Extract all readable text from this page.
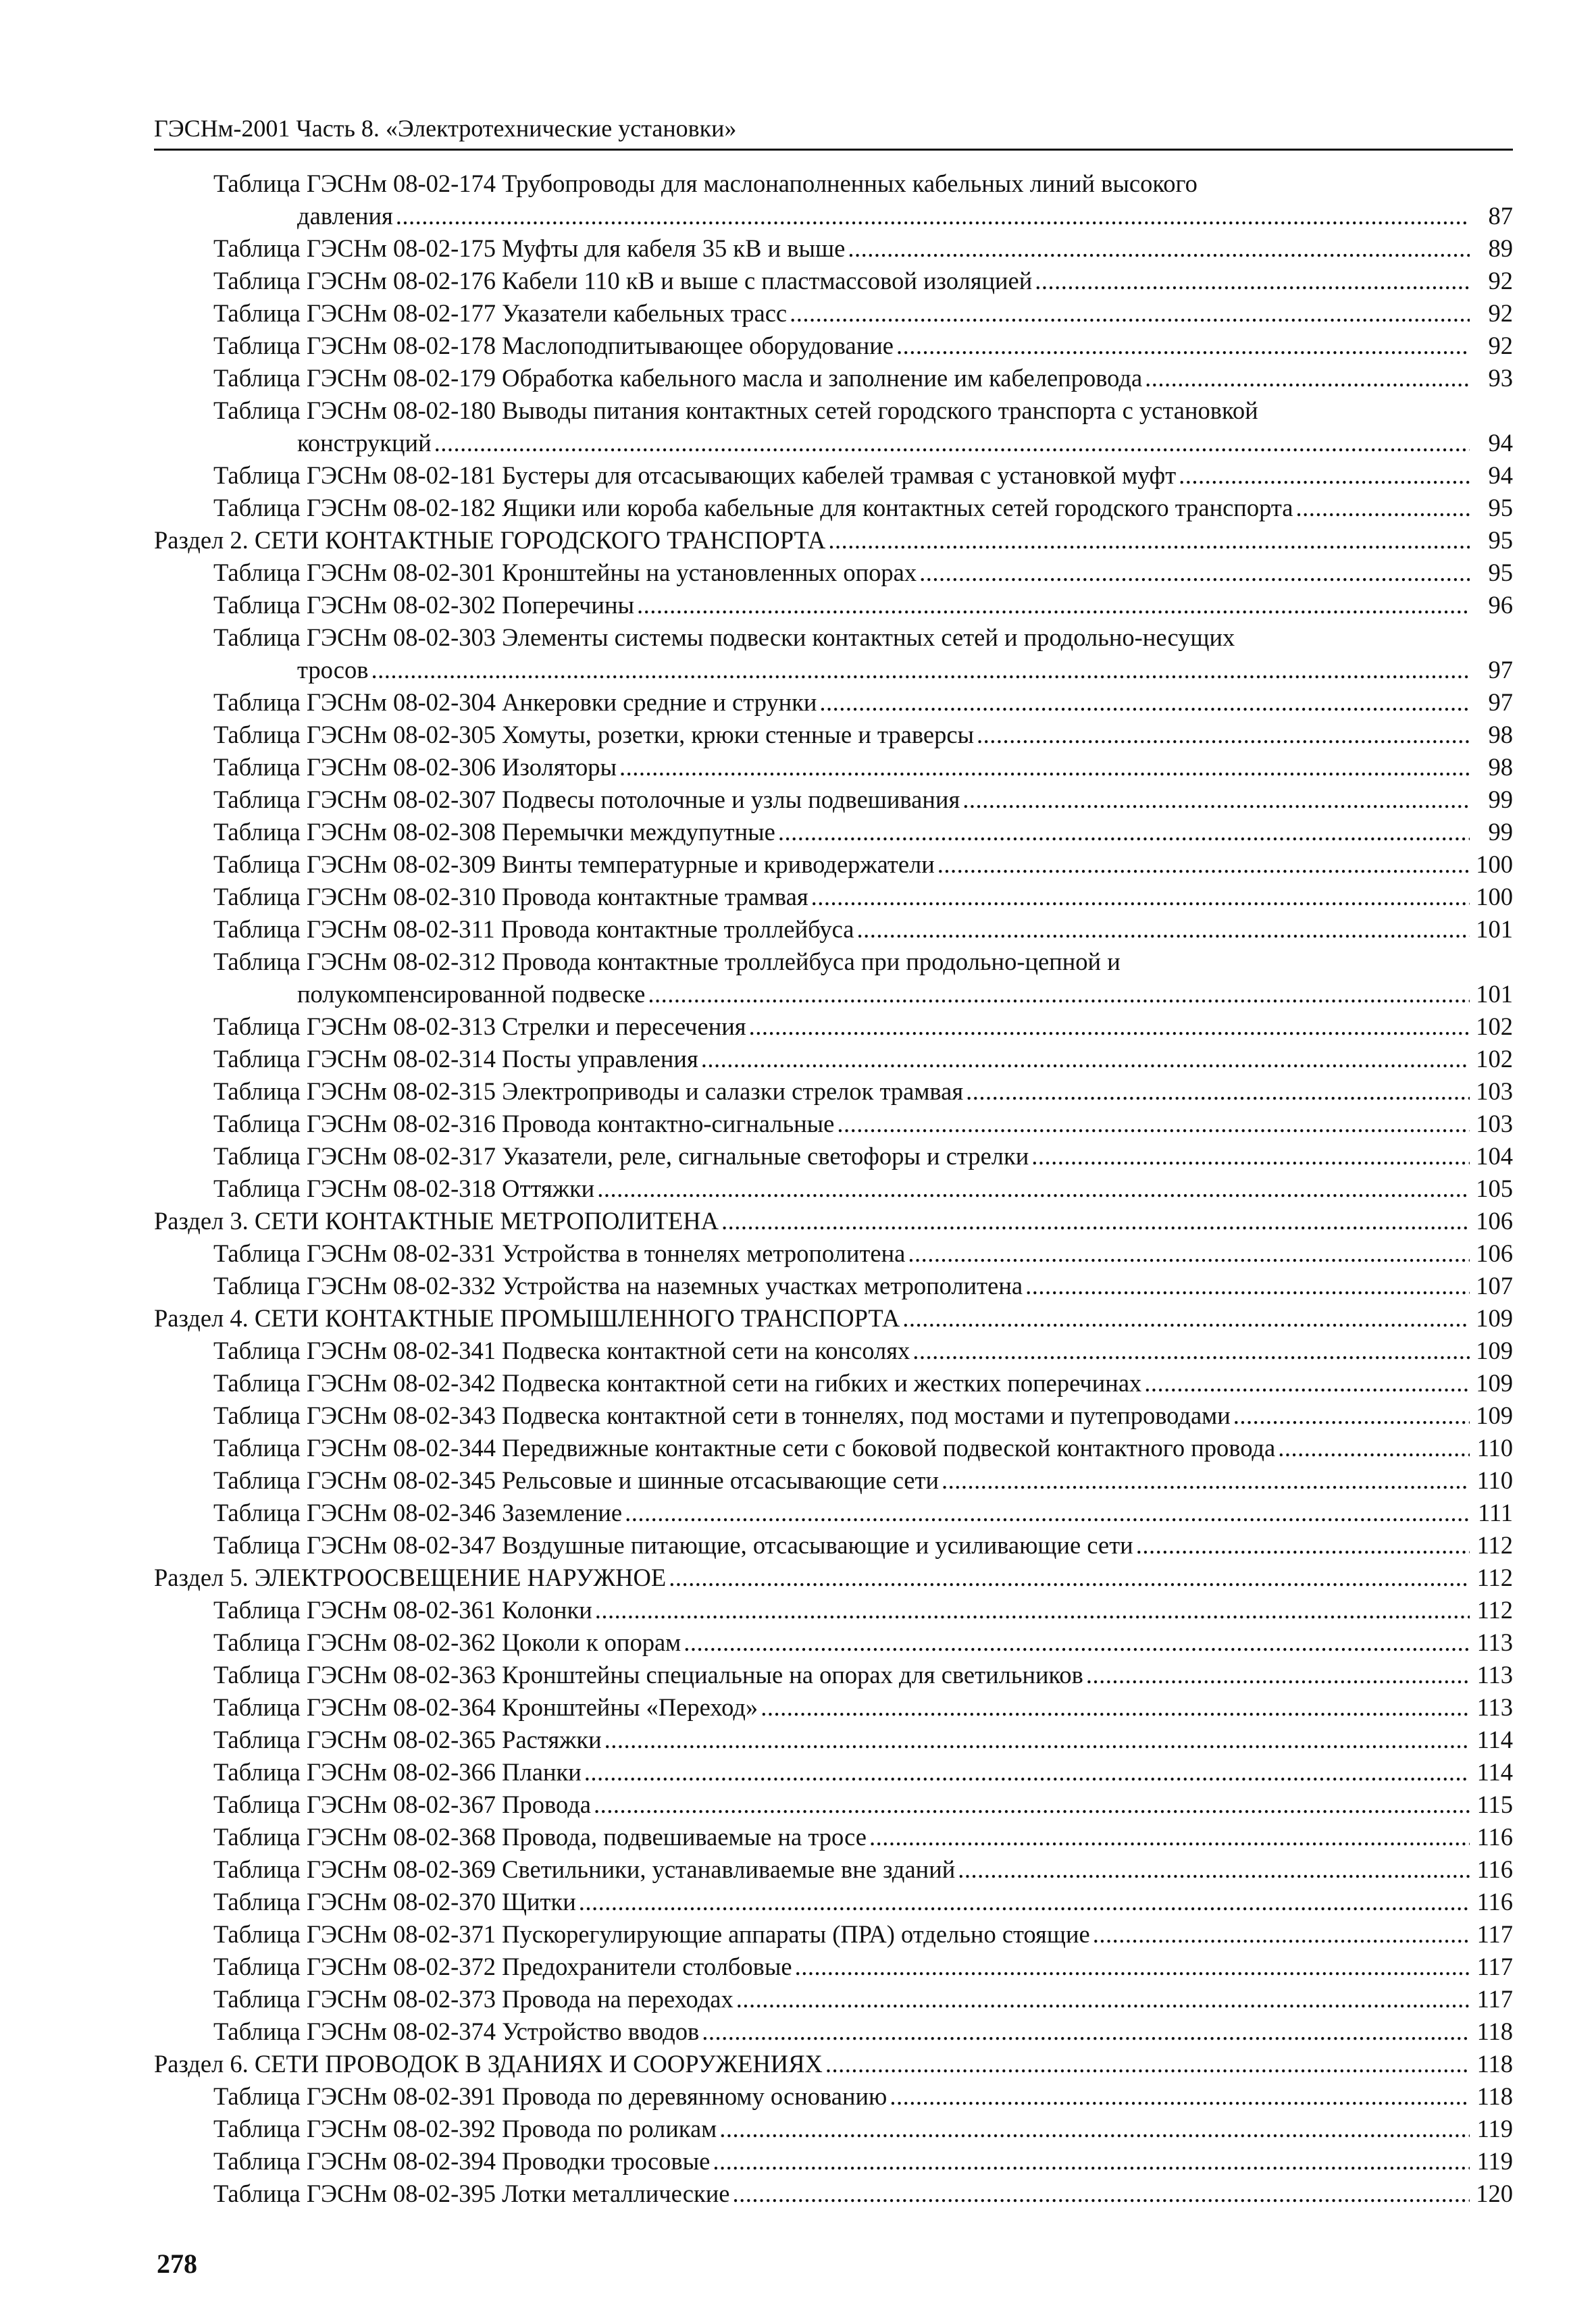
ГЭСНм-2001 Часть 8. «Электротехнические установки»
Таблица ГЭСНм 08-02-174 Трубопроводы для маслонаполненных кабельных линий высокого
давления .....	87
Таблица ГЭСНм 08-02-175 Муфты для кабеля 35 кВ и выше .....	89
Таблица ГЭСНм 08-02-176 Кабели 110 кВ и выше с пластмассовой изоляцией .....	92
Таблица ГЭСНм 08-02-177 Указатели кабельных трасс .....	92
Таблица ГЭСНм 08-02-178 Маслоподпитывающее оборудование .....	92
Таблица ГЭСНм 08-02-179 Обработка кабельного масла и заполнение им кабелепровода .....	93
Таблица ГЭСНм 08-02-180 Выводы питания контактных сетей городского транспорта с установкой
конструкций .....	94
Таблица ГЭСНм 08-02-181 Бустеры для отсасывающих кабелей трамвая с установкой муфт .....	94
Таблица ГЭСНм 08-02-182 Ящики или короба кабельные для контактных сетей городского транспорта .....	95
Раздел 2. СЕТИ КОНТАКТНЫЕ ГОРОДСКОГО ТРАНСПОРТА .....	95
Таблица ГЭСНм 08-02-301 Кронштейны на установленных опорах .....	95
Таблица ГЭСНм 08-02-302 Поперечины .....	96
Таблица ГЭСНм 08-02-303 Элементы системы подвески контактных сетей и продольно-несущих
тросов .....	97
Таблица ГЭСНм 08-02-304 Анкеровки средние и струнки .....	97
Таблица ГЭСНм 08-02-305 Хомуты, розетки, крюки стенные и траверсы .....	98
Таблица ГЭСНм 08-02-306 Изоляторы .....	98
Таблица ГЭСНм 08-02-307 Подвесы потолочные и узлы подвешивания .....	99
Таблица ГЭСНм 08-02-308 Перемычки междупутные .....	99
Таблица ГЭСНм 08-02-309 Винты температурные и криводержатели .....	100
Таблица ГЭСНм 08-02-310 Провода контактные трамвая .....	100
Таблица ГЭСНм 08-02-311 Провода контактные троллейбуса .....	101
Таблица ГЭСНм 08-02-312 Провода контактные троллейбуса при продольно-цепной и
полукомпенсированной подвеске .....	101
Таблица ГЭСНм 08-02-313 Стрелки и пересечения .....	102
Таблица ГЭСНм 08-02-314 Посты управления .....	102
Таблица ГЭСНм 08-02-315 Электроприводы и салазки стрелок трамвая .....	103
Таблица ГЭСНм 08-02-316 Провода контактно-сигнальные .....	103
Таблица ГЭСНм 08-02-317 Указатели, реле, сигнальные светофоры и стрелки .....	104
Таблица ГЭСНм 08-02-318 Оттяжки .....	105
Раздел 3. СЕТИ КОНТАКТНЫЕ МЕТРОПОЛИТЕНА .....	106
Таблица ГЭСНм 08-02-331 Устройства в тоннелях метрополитена .....	106
Таблица ГЭСНм 08-02-332 Устройства на наземных участках метрополитена .....	107
Раздел 4. СЕТИ КОНТАКТНЫЕ ПРОМЫШЛЕННОГО ТРАНСПОРТА .....	109
Таблица ГЭСНм 08-02-341 Подвеска контактной сети на консолях .....	109
Таблица ГЭСНм 08-02-342 Подвеска контактной сети на гибких и жестких поперечинах .....	109
Таблица ГЭСНм 08-02-343 Подвеска контактной сети в тоннелях, под мостами и путепроводами .....	109
Таблица ГЭСНм 08-02-344 Передвижные контактные сети с боковой подвеской контактного провода .....	110
Таблица ГЭСНм 08-02-345 Рельсовые и шинные отсасывающие сети .....	110
Таблица ГЭСНм 08-02-346 Заземление .....	111
Таблица ГЭСНм 08-02-347 Воздушные питающие, отсасывающие и усиливающие сети .....	112
Раздел 5. ЭЛЕКТРООСВЕЩЕНИЕ НАРУЖНОЕ .....	112
Таблица ГЭСНм 08-02-361 Колонки .....	112
Таблица ГЭСНм 08-02-362 Цоколи к опорам .....	113
Таблица ГЭСНм 08-02-363 Кронштейны специальные на опорах для светильников .....	113
Таблица ГЭСНм 08-02-364 Кронштейны «Переход» .....	113
Таблица ГЭСНм 08-02-365 Растяжки .....	114
Таблица ГЭСНм 08-02-366 Планки .....	114
Таблица ГЭСНм 08-02-367 Провода .....	115
Таблица ГЭСНм 08-02-368 Провода, подвешиваемые на тросе .....	116
Таблица ГЭСНм 08-02-369 Светильники, устанавливаемые вне зданий .....	116
Таблица ГЭСНм 08-02-370 Щитки .....	116
Таблица ГЭСНм 08-02-371 Пускорегулирующие аппараты (ПРА) отдельно стоящие .....	117
Таблица ГЭСНм 08-02-372 Предохранители столбовые .....	117
Таблица ГЭСНм 08-02-373 Провода на переходах .....	117
Таблица ГЭСНм 08-02-374 Устройство вводов .....	118
Раздел 6. СЕТИ ПРОВОДОК В ЗДАНИЯХ И СООРУЖЕНИЯХ .....	118
Таблица ГЭСНм 08-02-391 Провода по деревянному основанию .....	118
Таблица ГЭСНм 08-02-392 Провода по роликам .....	119
Таблица ГЭСНм 08-02-394 Проводки тросовые .....	119
Таблица ГЭСНм 08-02-395 Лотки металлические .....	120
278
